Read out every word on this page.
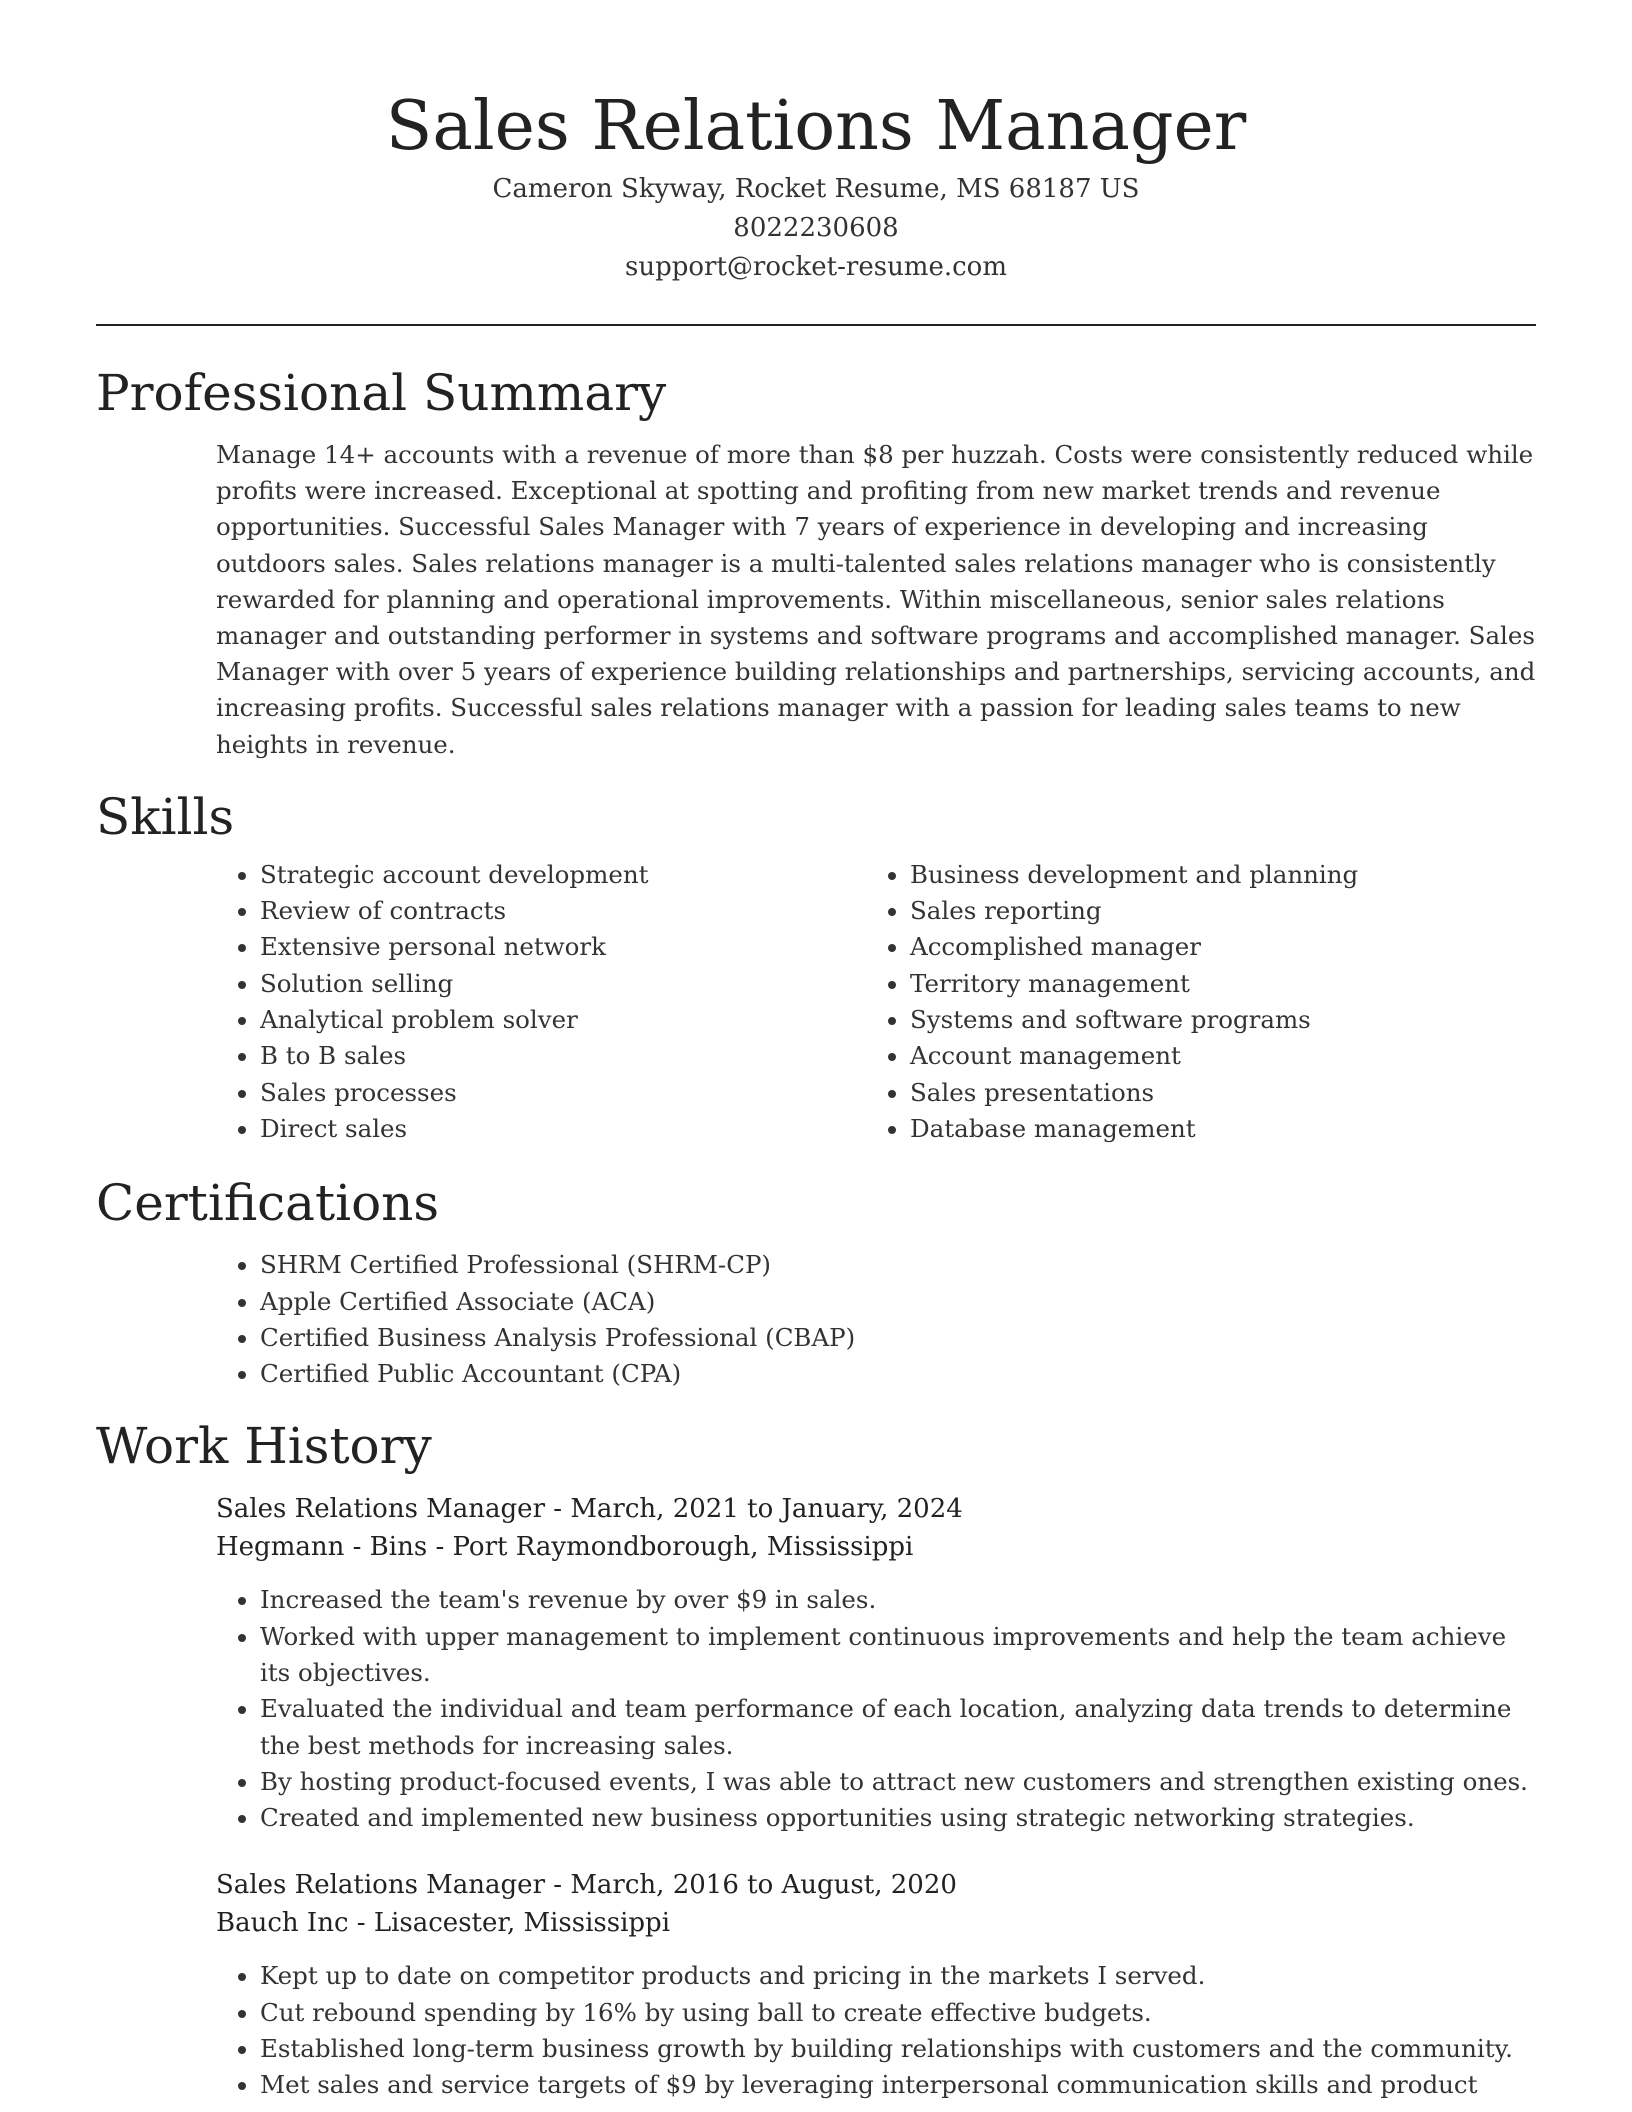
Sales Relations Manager
Cameron Skyway, Rocket Resume, MS 68187 US
8022230608
support@rocket-resume.com
Professional Summary

Manage 14+ accounts with a revenue of more than $8 per huzzah. Costs were consistently reduced while profits were increased. Exceptional at spotting and profiting from new market trends and revenue opportunities. Successful Sales Manager with 7 years of experience in developing and increasing outdoors sales. Sales relations manager is a multi-talented sales relations manager who is consistently rewarded for planning and operational improvements. Within miscellaneous, senior sales relations manager and outstanding performer in systems and software programs and accomplished manager. Sales Manager with over 5 years of experience building relationships and partnerships, servicing accounts, and increasing profits. Successful sales relations manager with a passion for leading sales teams to new heights in revenue.

Skills
• Strategic account development
• Review of contracts
• Extensive personal network
• Solution selling
• Analytical problem solver
• B to B sales
• Sales processes
• Direct sales
• Business development and planning
• Sales reporting
• Accomplished manager
• Territory management
• Systems and software programs
• Account management
• Sales presentations
• Database management
Certifications
• SHRM Certified Professional (SHRM-CP)
• Apple Certified Associate (ACA)
• Certified Business Analysis Professional (CBAP)
• Certified Public Accountant (CPA)
Work History
Sales Relations Manager - March, 2021 to January, 2024
Hegmann - Bins - Port Raymondborough, Mississippi
• Increased the team's revenue by over $9 in sales.
• Worked with upper management to implement continuous improvements and help the team achieve its objectives.
• Evaluated the individual and team performance of each location, analyzing data trends to determine the best methods for increasing sales.
• By hosting product-focused events, I was able to attract new customers and strengthen existing ones.
• Created and implemented new business opportunities using strategic networking strategies.
Sales Relations Manager - March, 2016 to August, 2020
Bauch Inc - Lisacester, Mississippi
• Kept up to date on competitor products and pricing in the markets I served.
• Cut rebound spending by 16% by using ball to create effective budgets.
• Established long-term business growth by building relationships with customers and the community.
• Met sales and service targets of $9 by leveraging interpersonal communication skills and product
